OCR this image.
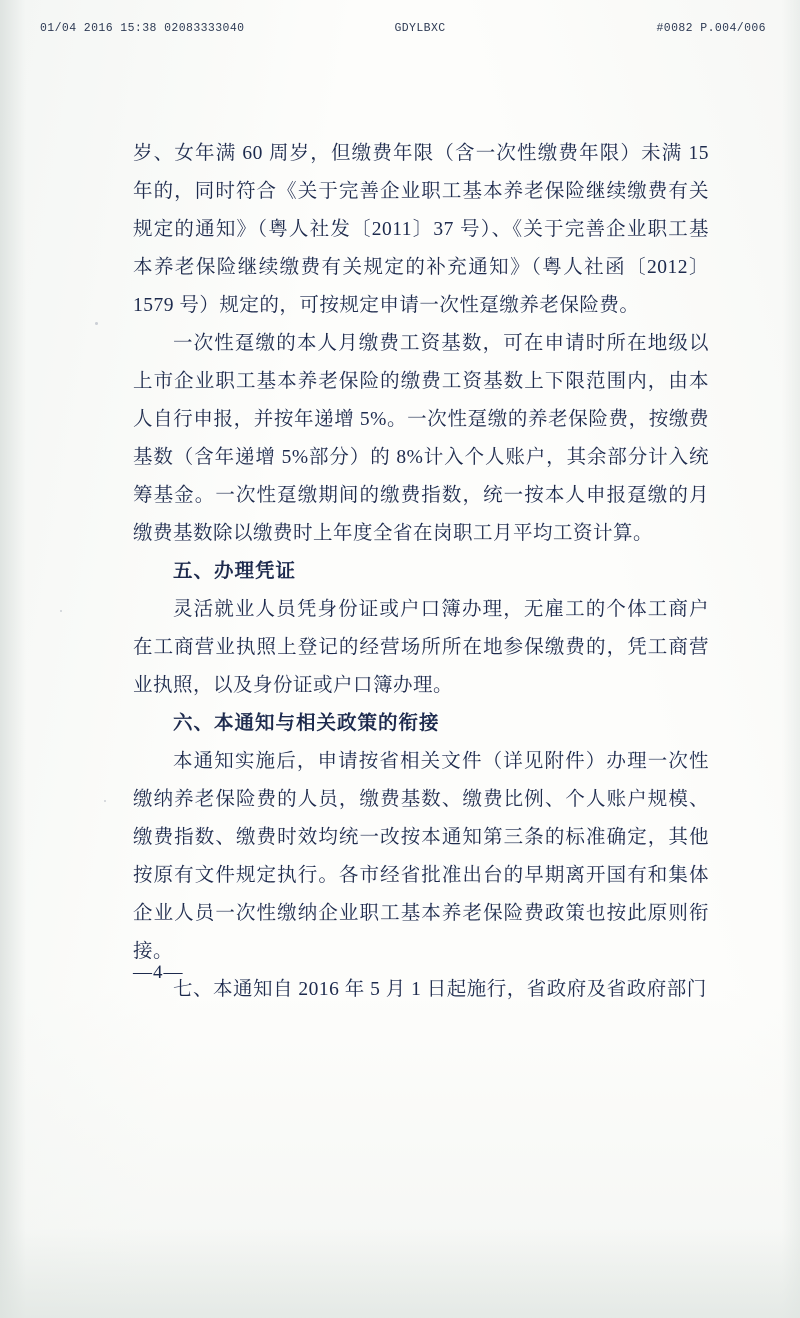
01/04 2016 15:38 02083333040	GDYLBXC	#0082 P.004/006

岁、女年满 60 周岁，但缴费年限（含一次性缴费年限）未满 15 年的，同时符合《关于完善企业职工基本养老保险继续缴费有关规定的通知》（粤人社发〔2011〕37 号）、《关于完善企业职工基本养老保险继续缴费有关规定的补充通知》（粤人社函〔2012〕1579 号）规定的，可按规定申请一次性趸缴养老保险费。

一次性趸缴的本人月缴费工资基数，可在申请时所在地级以上市企业职工基本养老保险的缴费工资基数上下限范围内，由本人自行申报，并按年递增 5%。一次性趸缴的养老保险费，按缴费基数（含年递增 5%部分）的 8%计入个人账户，其余部分计入统筹基金。一次性趸缴期间的缴费指数，统一按本人申报趸缴的月缴费基数除以缴费时上年度全省在岗职工月平均工资计算。

五、办理凭证

灵活就业人员凭身份证或户口簿办理，无雇工的个体工商户在工商营业执照上登记的经营场所所在地参保缴费的，凭工商营业执照，以及身份证或户口簿办理。

六、本通知与相关政策的衔接

本通知实施后，申请按省相关文件（详见附件）办理一次性缴纳养老保险费的人员，缴费基数、缴费比例、个人账户规模、缴费指数、缴费时效均统一改按本通知第三条的标准确定，其他按原有文件规定执行。各市经省批准出台的早期离开国有和集体企业人员一次性缴纳企业职工基本养老保险费政策也按此原则衔接。

七、本通知自 2016 年 5 月 1 日起施行，省政府及省政府部门

—4—
